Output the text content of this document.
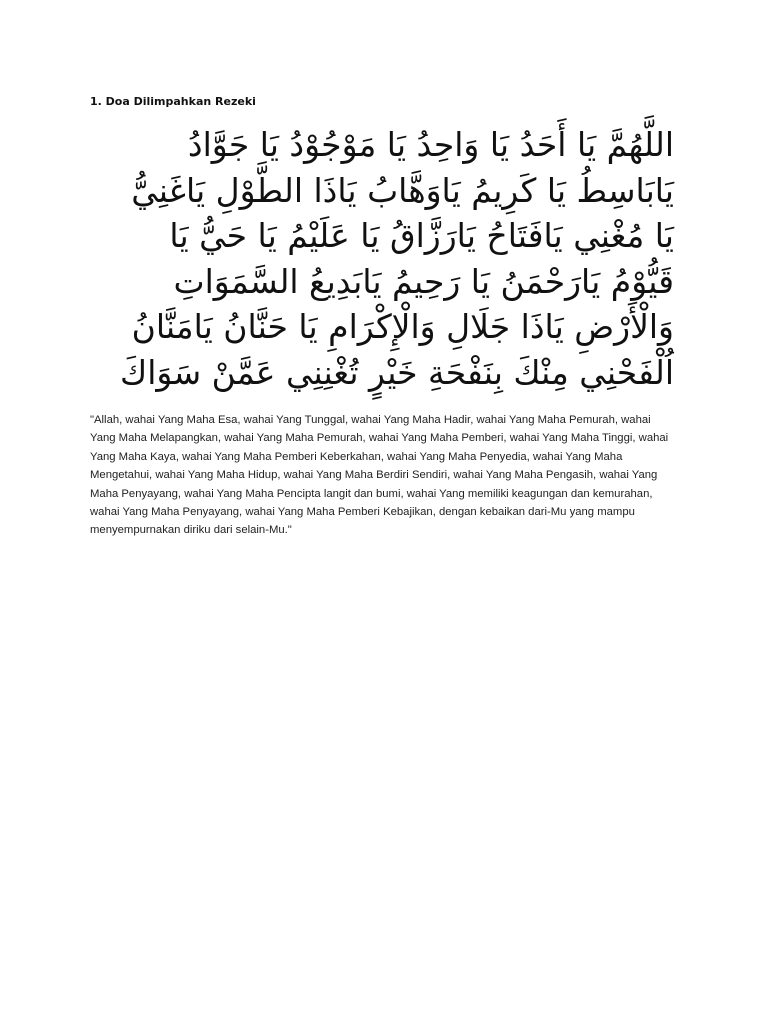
1. Doa Dilimpahkan Rezeki

اللَّهُمَّ يَا أَحَدُ يَا وَاحِدُ يَا مَوْجُوْدُ يَا جَوَّادُ
يَابَاسِطُ يَا كَرِيمُ يَاوَهَّابُ يَاذَا الطَّوْلِ يَاغَنِيُّ
يَا مُغْنِي يَافَتَاحُ يَارَزَّاقُ يَا عَلَيْمُ يَا حَيُّ يَا
قَيُّوْمُ يَارَحْمَنُ يَا رَحِيمُ يَابَدِيعُ السَّمَوَاتِ
وَالْأَرْضِ يَاذَا جَلَالِ وَالْإِكْرَامِ يَا حَنَّانُ يَامَنَّانُ
اُلْفَحْنِي مِنْكَ بِنَفْحَةِ خَيْرٍ تُغْنِنِي عَمَّنْ سَوَاكَ

"Allah, wahai Yang Maha Esa, wahai Yang Tunggal, wahai Yang Maha Hadir, wahai Yang Maha Pemurah, wahai Yang Maha Melapangkan, wahai Yang Maha Pemurah, wahai Yang Maha Pemberi, wahai Yang Maha Tinggi, wahai Yang Maha Kaya, wahai Yang Maha Pemberi Keberkahan, wahai Yang Maha Penyedia, wahai Yang Maha Mengetahui, wahai Yang Maha Hidup, wahai Yang Maha Berdiri Sendiri, wahai Yang Maha Pengasih, wahai Yang Maha Penyayang, wahai Yang Maha Pencipta langit dan bumi, wahai Yang memiliki keagungan dan kemurahan, wahai Yang Maha Penyayang, wahai Yang Maha Pemberi Kebajikan, dengan kebaikan dari-Mu yang mampu menyempurnakan diriku dari selain-Mu."
